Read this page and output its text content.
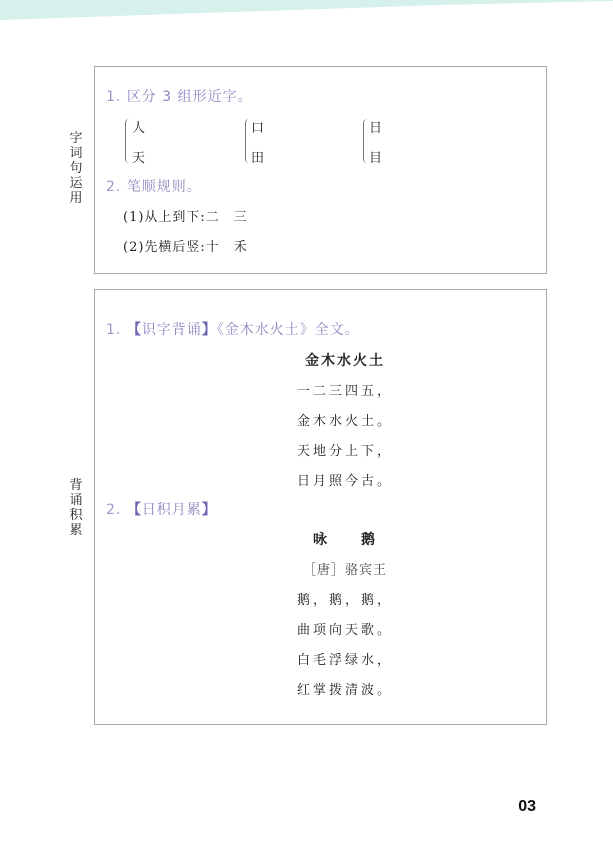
字
词
句
运
用
1. 区分 3 组形近字。
人
天
口
田
日
目
2. 笔顺规则。
(1)从上到下:二　三
(2)先横后竖:十　禾
背
诵
积
累
1. 【识字背诵】《金木水火土》全文。
金木水火土
一二三四五，
金木水火土。
天地分上下，
日月照今古。
2. 【日积月累】
咏　　鹅
［唐］骆宾王
鹅，鹅，鹅，
曲项向天歌。
白毛浮绿水，
红掌拨清波。
03
